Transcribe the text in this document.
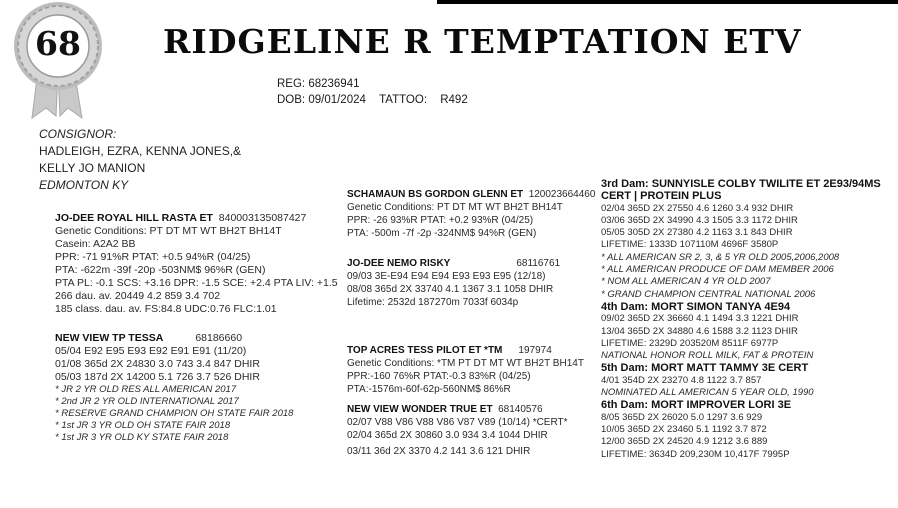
68	RIDGELINE R TEMPTATION ETV
REG: 68236941
DOB: 09/01/2024 TATTOO: R492
CONSIGNOR:
HADLEIGH, EZRA, KENNA JONES,&
KELLY JO MANION
EDMONTON KY
JO-DEE ROYAL HILL RASTA ET 840003135087427
Genetic Conditions: PT DT MT WT BH2T BH14T
Casein: A2A2 BB
PPR: -71 91%R PTAT: +0.5 94%R (04/25)
PTA: -622m -39f -20p -503NM$ 96%R (GEN)
PTA PL: -0.1 SCS: +3.16 DPR: -1.5 SCE: +2.4 PTA LIV: +1.5
266 dau. av. 20449 4.2 859 3.4 702
185 class. dau. av. FS:84.8 UDC:0.76 FLC:1.01
NEW VIEW TP TESSA	68186660
05/04 E92 E95 E93 E92 E91 E91 (11/20)
01/08 365d 2X 24830 3.0 743 3.4 847 DHIR
05/03 187d 2X 14200 5.1 726 3.7 526 DHIR
* JR 2 YR OLD RES ALL AMERICAN 2017
* 2nd JR 2 YR OLD INTERNATIONAL 2017
* RESERVE GRAND CHAMPION OH STATE FAIR 2018
* 1st JR 3 YR OLD OH STATE FAIR 2018
* 1st JR 3 YR OLD KY STATE FAIR 2018
SCHAMAUN BS GORDON GLENN ET 120023664460
Genetic Conditions: PT DT MT WT BH2T BH14T
PPR: -26 93%R PTAT: +0.2 93%R (04/25)
PTA: -500m -7f -2p -324NM$ 94%R (GEN)
JO-DEE NEMO RISKY	68116761
09/03 3E-E94 E94 E94 E93 E93 E95 (12/18)
08/08 365d 2X 33740 4.1 1367 3.1 1058 DHIR
Lifetime: 2532d 187270m 7033f 6034p
TOP ACRES TESS PILOT ET *TM 197974
Genetic Conditions: *TM PT DT MT WT BH2T BH14T
PPR:-160 76%R PTAT:-0.3 83%R (04/25)
PTA:-1576m-60f-62p-560NM$ 86%R
NEW VIEW WONDER TRUE ET 68140576
02/07 V88 V86 V88 V86 V87 V89 (10/14) *CERT*
02/04 365d 2X 30860 3.0 934 3.4 1044 DHIR
03/11 36d 2X 3370 4.2 141 3.6 121 DHIR
3rd Dam: SUNNYISLE COLBY TWILITE ET 2E93/94MS
CERT | PROTEIN PLUS
02/04 365D 2X 27550 4.6 1260 3.4 932 DHIR
03/06 365D 2X 34990 4.3 1505 3.3 1172 DHIR
05/05 305D 2X 27380 4.2 1163 3.1 843 DHIR
LIFETIME: 1333D 107110M 4696F 3580P
* ALL AMERICAN SR 2, 3, & 5 YR OLD 2005,2006,2008
* ALL AMERICAN PRODUCE OF DAM MEMBER 2006
* NOM ALL AMERICAN 4 YR OLD 2007
* GRAND CHAMPION CENTRAL NATIONAL 2006
4th Dam: MORT SIMON TANYA 4E94
09/02 365D 2X 36660 4.1 1494 3.3 1221 DHIR
13/04 365D 2X 34880 4.6 1588 3.2 1123 DHIR
LIFETIME: 2329D 203520M 8511F 6977P
NATIONAL HONOR ROLL MILK, FAT & PROTEIN
5th Dam: MORT MATT TAMMY 3E CERT
4/01 354D 2X 23270 4.8 1122 3.7 857
NOMINATED ALL AMERICAN 5 YEAR OLD, 1990
6th Dam: MORT IMPROVER LORI 3E
8/05 365D 2X 26020 5.0 1297 3.6 929
10/05 365D 2X 23460 5.1 1192 3.7 872
12/00 365D 2X 24520 4.9 1212 3.6 889
LIFETIME: 3634D 209,230M 10,417F 7995P
